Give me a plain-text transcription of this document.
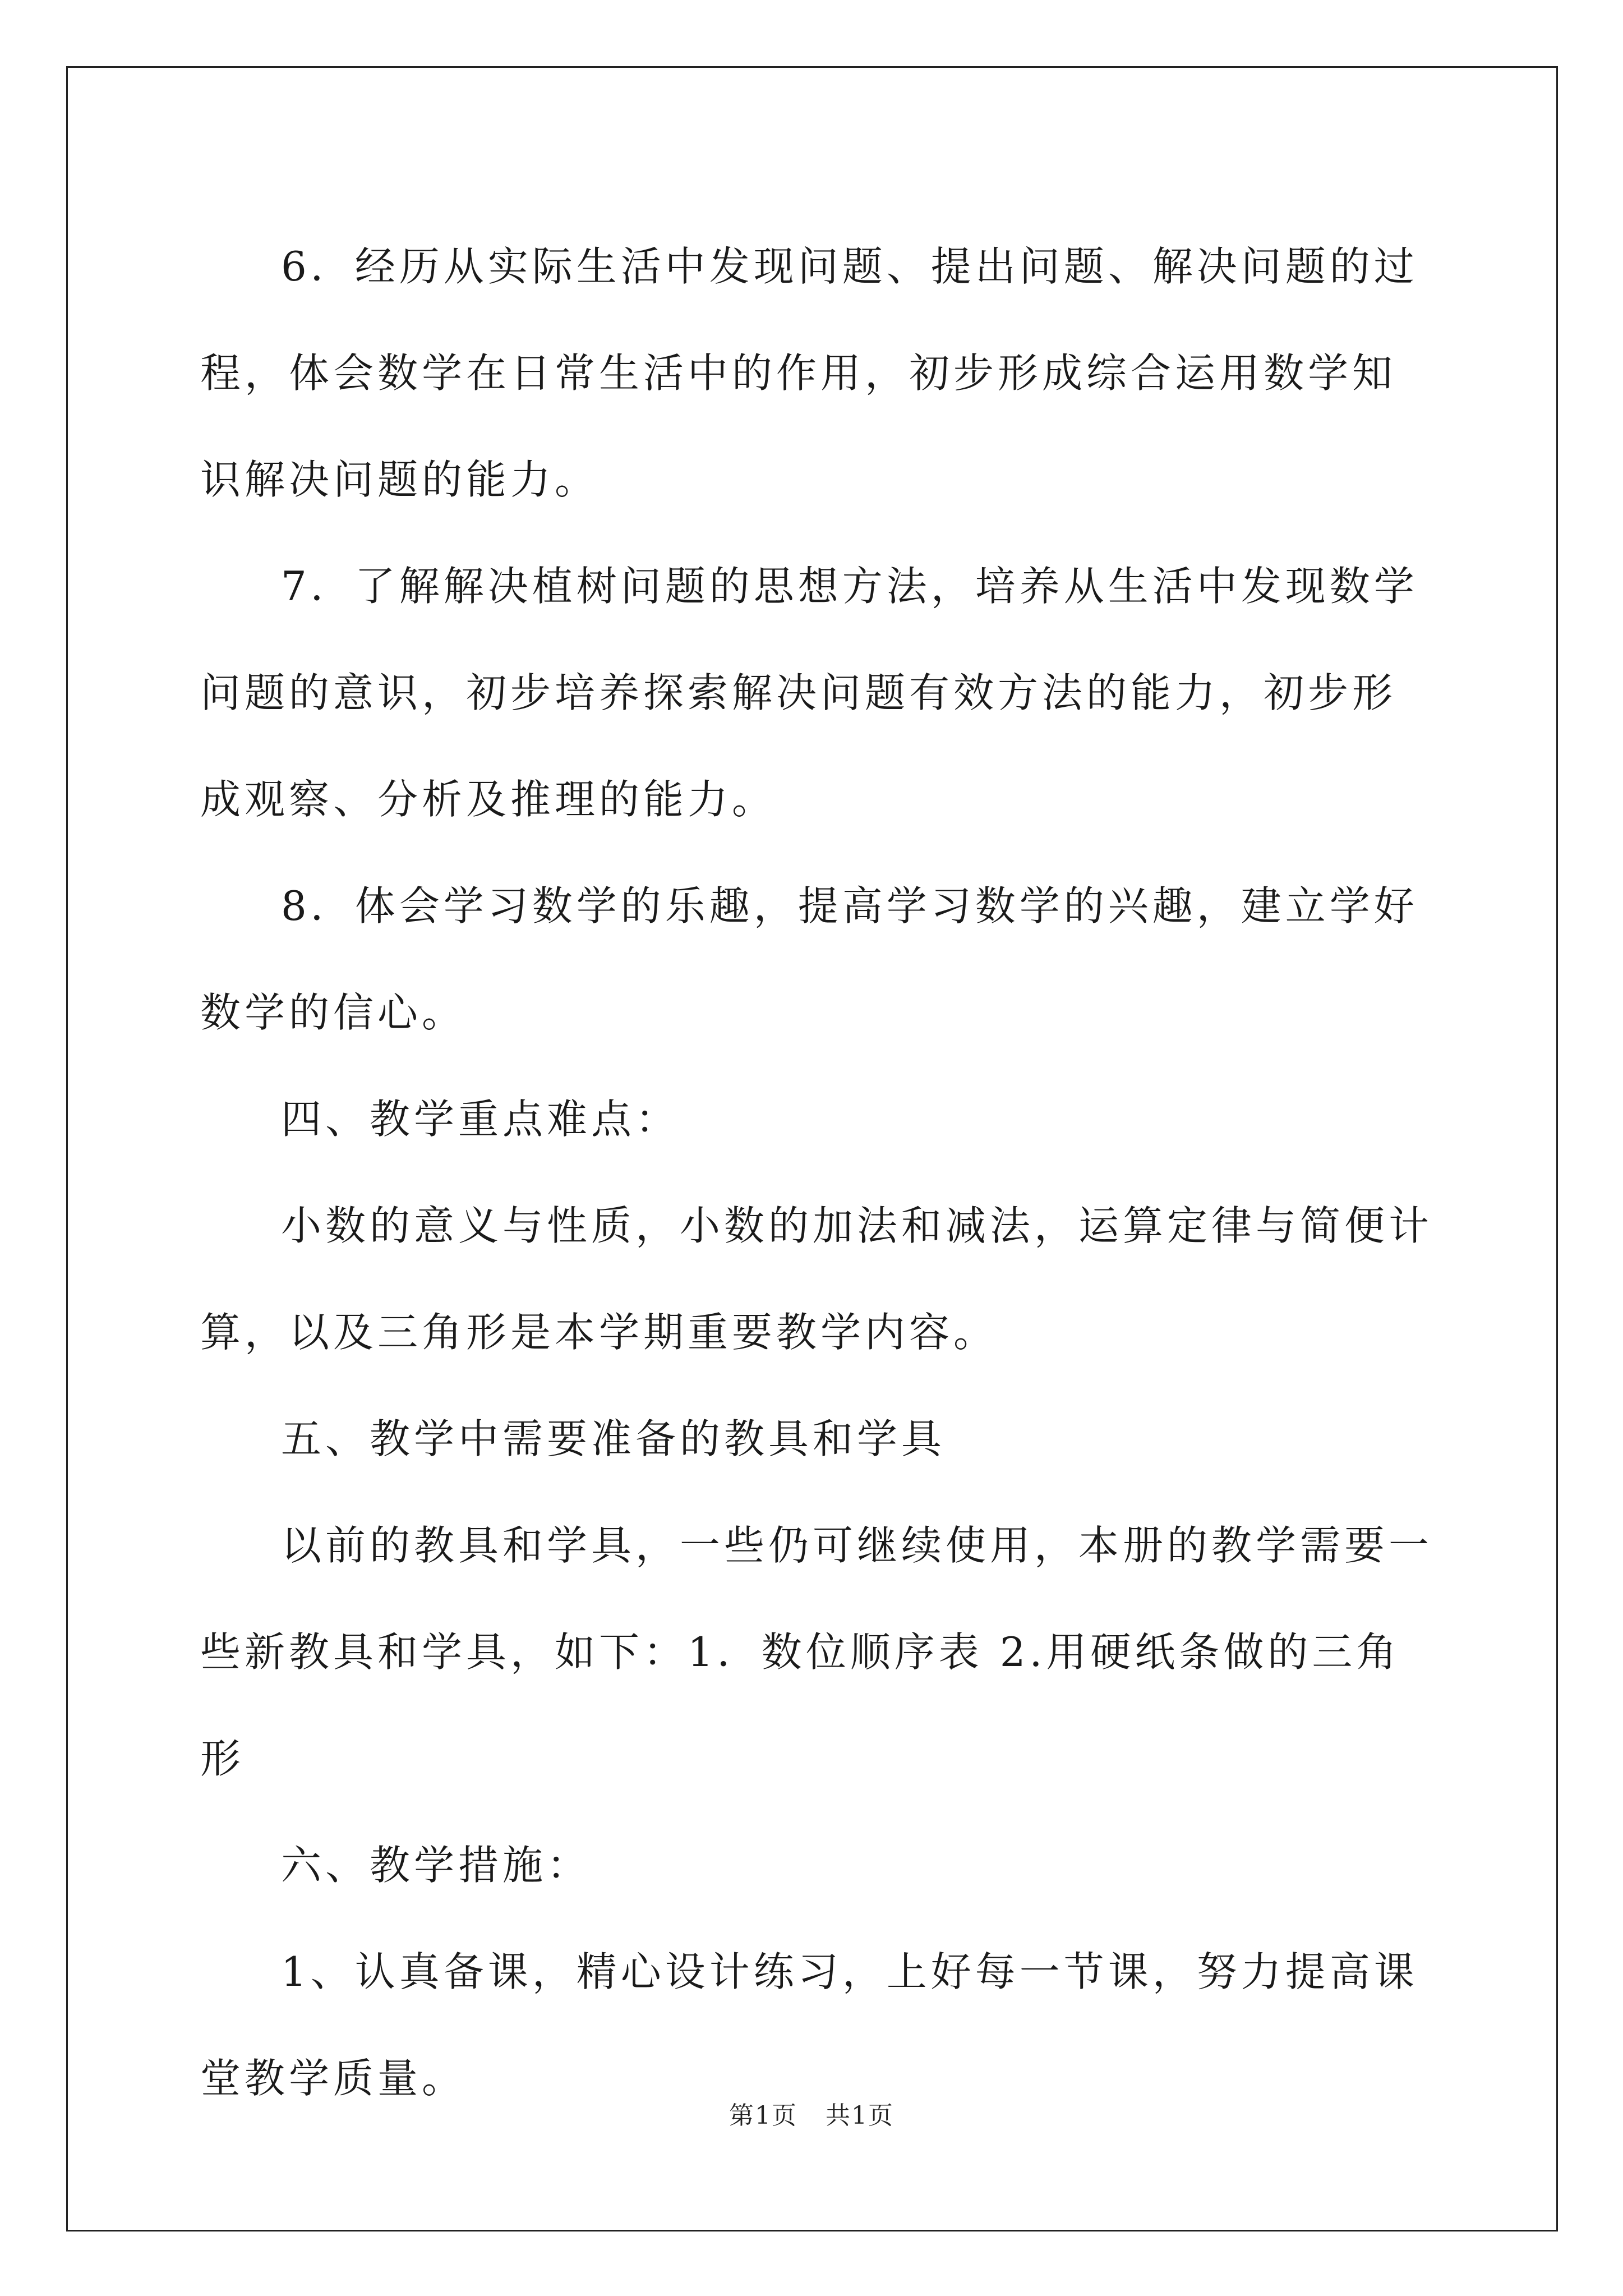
6．经历从实际生活中发现问题、提出问题、解决问题的过程，体会数学在日常生活中的作用，初步形成综合运用数学知识解决问题的能力。

7．了解解决植树问题的思想方法，培养从生活中发现数学问题的意识，初步培养探索解决问题有效方法的能力，初步形成观察、分析及推理的能力。

8．体会学习数学的乐趣，提高学习数学的兴趣，建立学好数学的信心。

四、教学重点难点：

小数的意义与性质，小数的加法和减法，运算定律与简便计算，以及三角形是本学期重要教学内容。

五、教学中需要准备的教具和学具

以前的教具和学具，一些仍可继续使用，本册的教学需要一些新教具和学具，如下：1．数位顺序表 2.用硬纸条做的三角形

六、教学措施：

1、认真备课，精心设计练习，上好每一节课，努力提高课堂教学质量。

第1页 共1页
